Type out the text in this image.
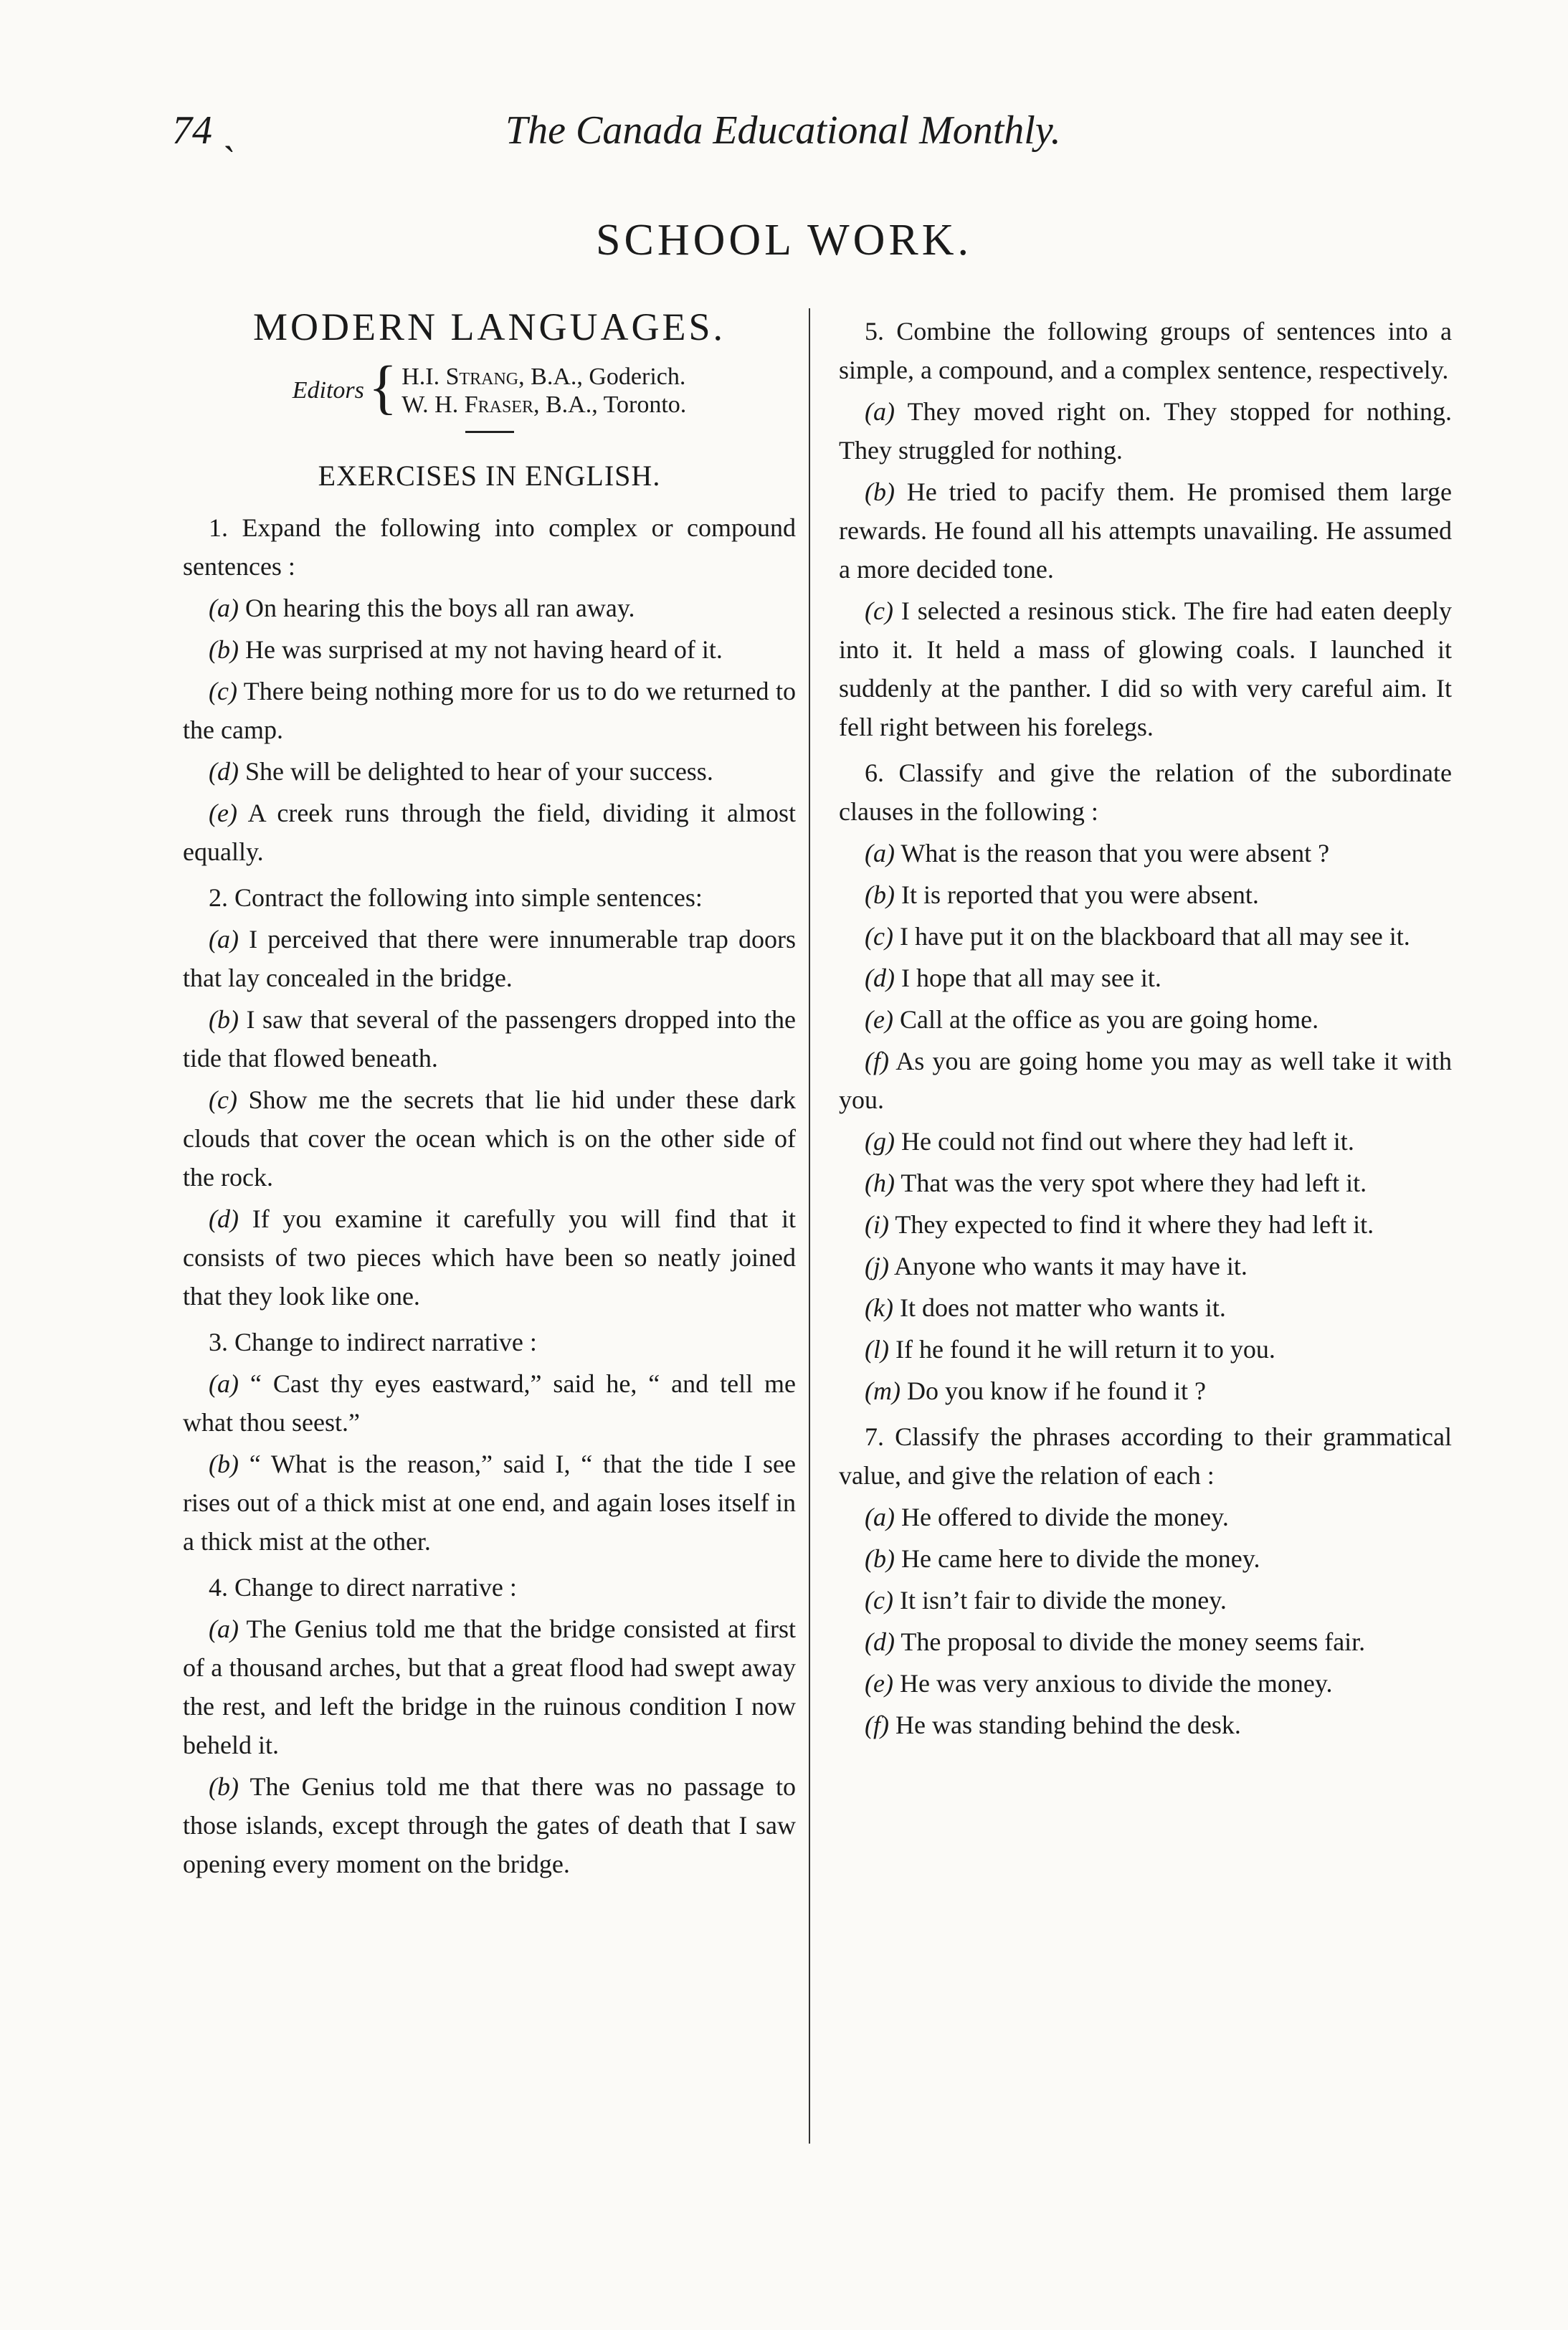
74 ˎ	The Canada Educational Monthly.
SCHOOL WORK.
MODERN LANGUAGES.
Editors { H.I. Strang, B.A., Goderich.
W. H. Fraser, B.A., Toronto.
EXERCISES IN ENGLISH.
1. Expand the following into complex or compound sentences :
(a) On hearing this the boys all ran away.
(b) He was surprised at my not having heard of it.
(c) There being nothing more for us to do we returned to the camp.
(d) She will be delighted to hear of your success.
(e) A creek runs through the field, dividing it almost equally.
2. Contract the following into simple sentences:
(a) I perceived that there were innumerable trap doors that lay concealed in the bridge.
(b) I saw that several of the passengers dropped into the tide that flowed beneath.
(c) Show me the secrets that lie hid under these dark clouds that cover the ocean which is on the other side of the rock.
(d) If you examine it carefully you will find that it consists of two pieces which have been so neatly joined that they look like one.
3. Change to indirect narrative :
(a) “ Cast thy eyes eastward,” said he, “ and tell me what thou seest.”
(b) “ What is the reason,” said I, “ that the tide I see rises out of a thick mist at one end, and again loses itself in a thick mist at the other.
4. Change to direct narrative :
(a) The Genius told me that the bridge consisted at first of a thousand arches, but that a great flood had swept away the rest, and left the bridge in the ruinous condition I now beheld it.
(b) The Genius told me that there was no passage to those islands, except through the gates of death that I saw opening every moment on the bridge.
5. Combine the following groups of sentences into a simple, a compound, and a complex sentence, respectively.
(a) They moved right on. They stopped for nothing. They struggled for nothing.
(b) He tried to pacify them. He promised them large rewards. He found all his attempts unavailing. He assumed a more decided tone.
(c) I selected a resinous stick. The fire had eaten deeply into it. It held a mass of glowing coals. I launched it suddenly at the panther. I did so with very careful aim. It fell right between his forelegs.
6. Classify and give the relation of the subordinate clauses in the following :
(a) What is the reason that you were absent ?
(b) It is reported that you were absent.
(c) I have put it on the blackboard that all may see it.
(d) I hope that all may see it.
(e) Call at the office as you are going home.
(f) As you are going home you may as well take it with you.
(g) He could not find out where they had left it.
(h) That was the very spot where they had left it.
(i) They expected to find it where they had left it.
(j) Anyone who wants it may have it.
(k) It does not matter who wants it.
(l) If he found it he will return it to you.
(m) Do you know if he found it ?
7. Classify the phrases according to their grammatical value, and give the relation of each :
(a) He offered to divide the money.
(b) He came here to divide the money.
(c) It isn’t fair to divide the money.
(d) The proposal to divide the money seems fair.
(e) He was very anxious to divide the money.
(f) He was standing behind the desk.
